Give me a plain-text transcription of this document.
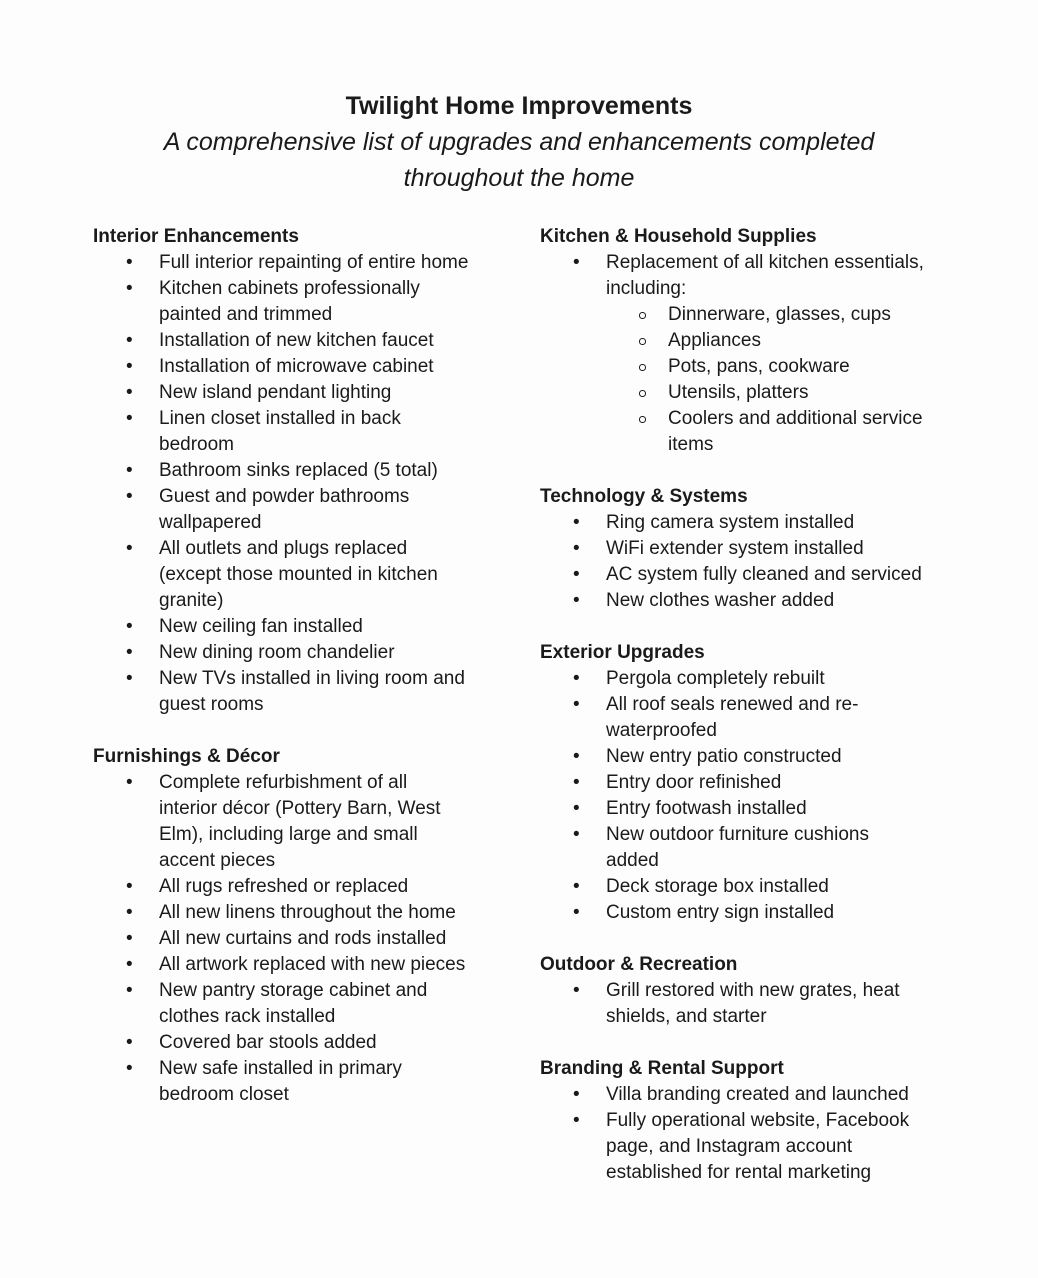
Twilight Home Improvements

A comprehensive list of upgrades and enhancements completed throughout the home

Interior Enhancements
•
Full interior repainting of entire home
•
Kitchen cabinets professionally painted and trimmed
•
Installation of new kitchen faucet
•
Installation of microwave cabinet
•
New island pendant lighting
•
Linen closet installed in back bedroom
•
Bathroom sinks replaced (5 total)
•
Guest and powder bathrooms wallpapered
•
All outlets and plugs replaced (except those mounted in kitchen granite)
•
New ceiling fan installed
•
New dining room chandelier
•
New TVs installed in living room and guest rooms
Furnishings & Décor
•
Complete refurbishment of all interior décor (Pottery Barn, West Elm), including large and small accent pieces
•
All rugs refreshed or replaced
•
All new linens throughout the home
•
All new curtains and rods installed
•
All artwork replaced with new pieces
•
New pantry storage cabinet and clothes rack installed
•
Covered bar stools added
•
New safe installed in primary bedroom closet
Kitchen & Household Supplies
•
Replacement of all kitchen essentials, including:
Dinnerware, glasses, cups
Appliances
Pots, pans, cookware
Utensils, platters
Coolers and additional service items
Technology & Systems
•
Ring camera system installed
•
WiFi extender system installed
•
AC system fully cleaned and serviced
•
New clothes washer added
Exterior Upgrades
•
Pergola completely rebuilt
•
All roof seals renewed and re-waterproofed
•
New entry patio constructed
•
Entry door refinished
•
Entry footwash installed
•
New outdoor furniture cushions added
•
Deck storage box installed
•
Custom entry sign installed
Outdoor & Recreation
•
Grill restored with new grates, heat shields, and starter
Branding & Rental Support
•
Villa branding created and launched
•
Fully operational website, Facebook page, and Instagram account established for rental marketing
